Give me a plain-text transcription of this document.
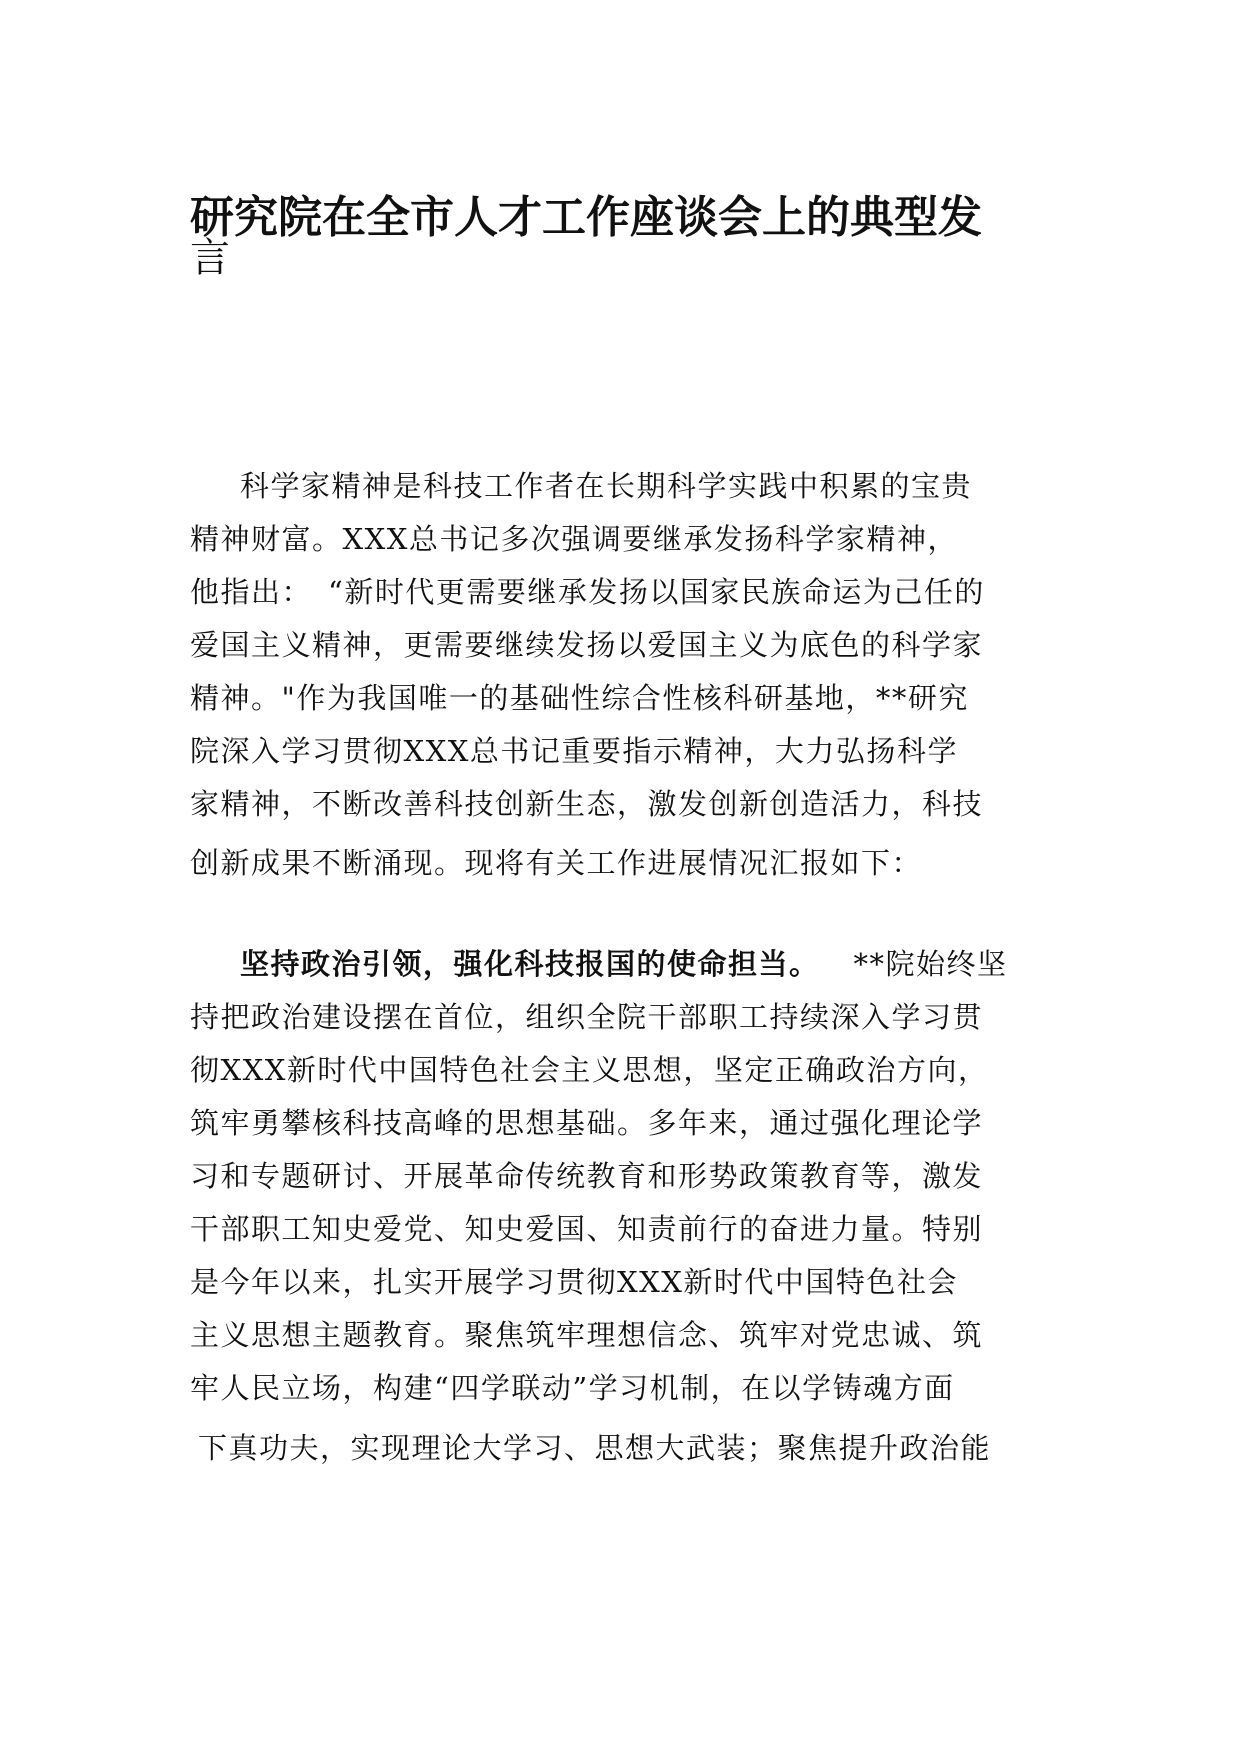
研究院在全市人才工作座谈会上的典型发
言
科学家精神是科技工作者在长期科学实践中积累的宝贵
精神财富。XXX总书记多次强调要继承发扬科学家精神，
他指出：　“新时代更需要继承发扬以国家民族命运为己任的
爱国主义精神，更需要继续发扬以爱国主义为底色的科学家
精神。"作为我国唯一的基础性综合性核科研基地，**研究
院深入学习贯彻XXX总书记重要指示精神，大力弘扬科学
家精神，不断改善科技创新生态，激发创新创造活力，科技
创新成果不断涌现。现将有关工作进展情况汇报如下：
坚持政治引领，强化科技报国的使命担当。 **院始终坚
持把政治建设摆在首位，组织全院干部职工持续深入学习贯
彻XXX新时代中国特色社会主义思想，坚定正确政治方向，
筑牢勇攀核科技高峰的思想基础。多年来，通过强化理论学
习和专题研讨、开展革命传统教育和形势政策教育等，激发
干部职工知史爱党、知史爱国、知责前行的奋进力量。特别
是今年以来，扎实开展学习贯彻XXX新时代中国特色社会
主义思想主题教育。聚焦筑牢理想信念、筑牢对党忠诚、筑
牢人民立场，构建“四学联动”学习机制，在以学铸魂方面
下真功夫，实现理论大学习、思想大武装；聚焦提升政治能
